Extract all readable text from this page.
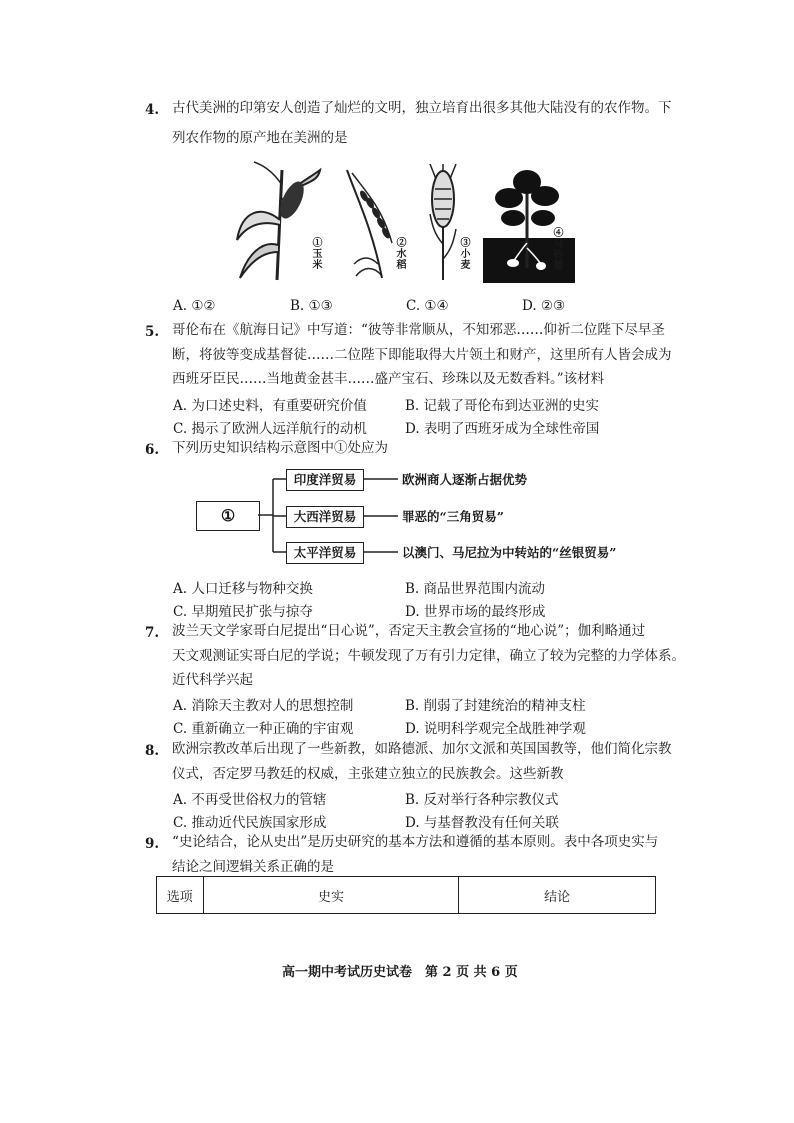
4. 古代美洲的印第安人创造了灿烂的文明，独立培育出很多其他大陆没有的农作物。下
列农作物的原产地在美洲的是
①玉米
②水稻
③小麦
④马铃薯
A. ①②	B. ①③	C. ①④	D. ②③
5. 哥伦布在《航海日记》中写道：“彼等非常顺从，不知邪恶……仰祈二位陛下尽早圣
断，将彼等变成基督徒……二位陛下即能取得大片领土和财产，这里所有人皆会成为
西班牙臣民……当地黄金甚丰……盛产宝石、珍珠以及无数香料。”该材料
A. 为口述史料，有重要研究价值	B. 记载了哥伦布到达亚洲的史实
C. 揭示了欧洲人远洋航行的动机	D. 表明了西班牙成为全球性帝国
6. 下列历史知识结构示意图中①处应为
①
印度洋贸易
大西洋贸易
太平洋贸易
欧洲商人逐渐占据优势
罪恶的“三角贸易”
以澳门、马尼拉为中转站的“丝银贸易”
A. 人口迁移与物种交换	B. 商品世界范围内流动
C. 早期殖民扩张与掠夺	D. 世界市场的最终形成
7. 波兰天文学家哥白尼提出“日心说”，否定天主教会宣扬的“地心说”；伽利略通过
天文观测证实哥白尼的学说；牛顿发现了万有引力定律，确立了较为完整的力学体系。
近代科学兴起
A. 消除天主教对人的思想控制	B. 削弱了封建统治的精神支柱
C. 重新确立一种正确的宇宙观	D. 说明科学观完全战胜神学观
8. 欧洲宗教改革后出现了一些新教，如路德派、加尔文派和英国国教等，他们简化宗教
仪式，否定罗马教廷的权威，主张建立独立的民族教会。这些新教
A. 不再受世俗权力的管辖	B. 反对举行各种宗教仪式
C. 推动近代民族国家形成	D. 与基督教没有任何关联
9. “史论结合，论从史出”是历史研究的基本方法和遵循的基本原则。表中各项史实与
结论之间逻辑关系正确的是
选项	史实	结论
高一期中考试历史试卷　第 2 页 共 6 页
